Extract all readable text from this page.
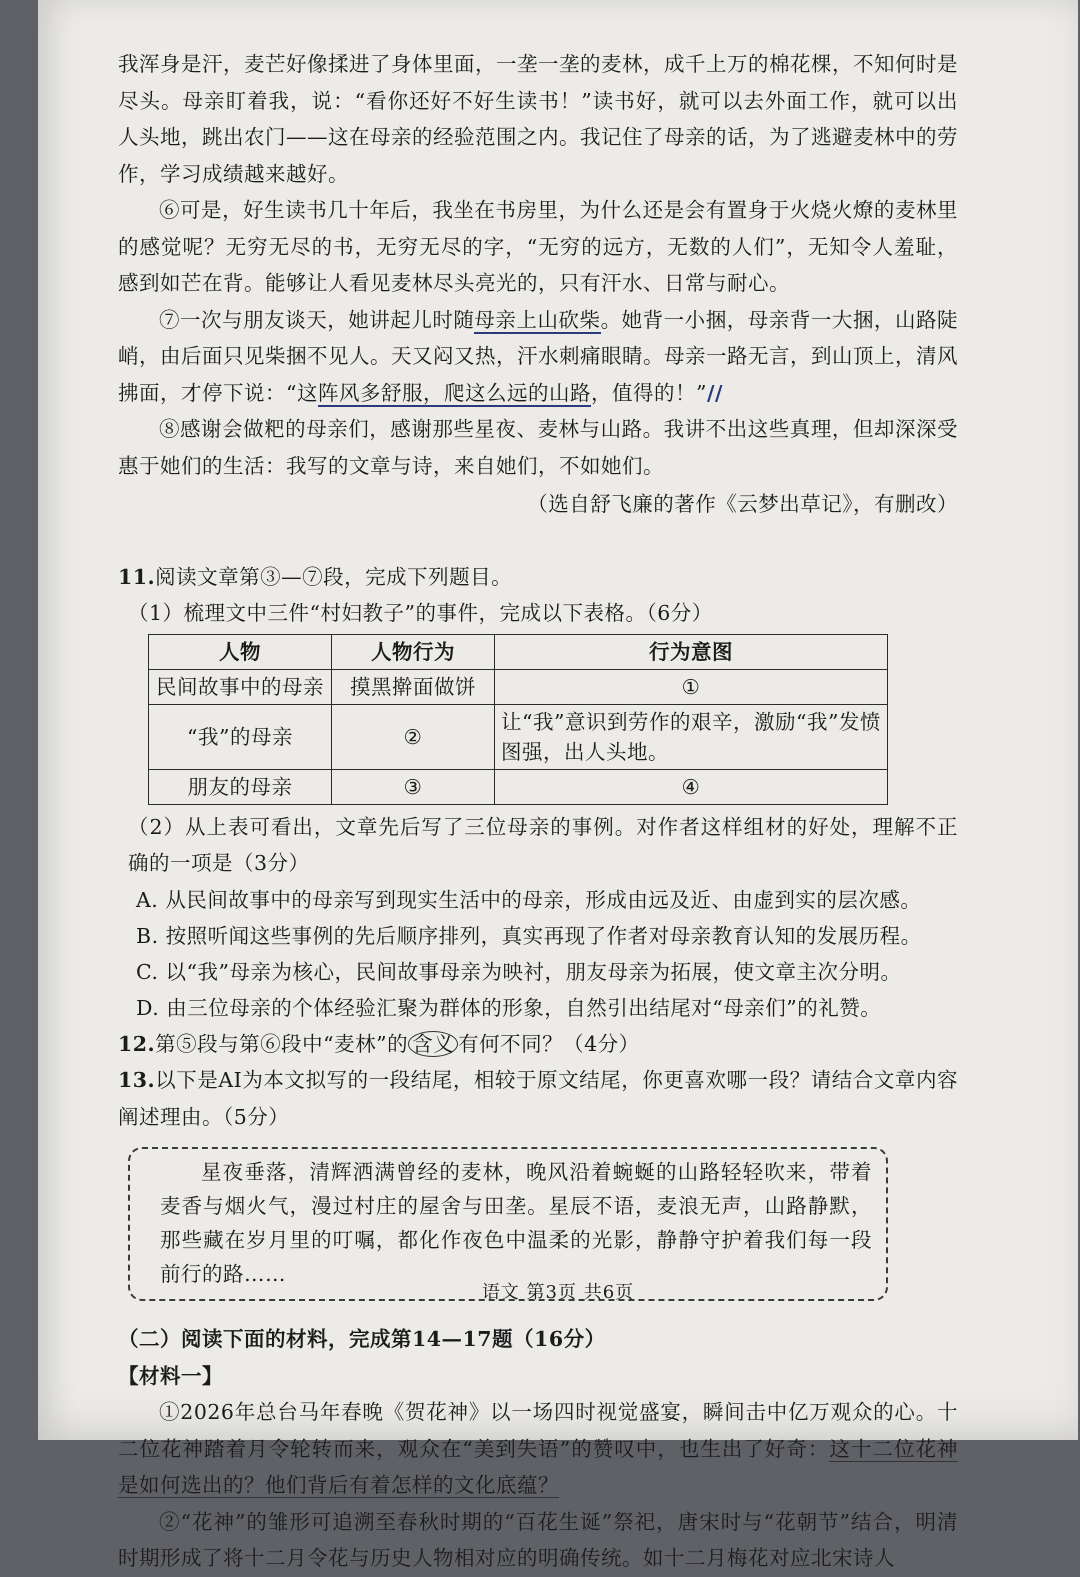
我浑身是汗，麦芒好像揉进了身体里面，一垄一垄的麦林，成千上万的棉花棵，不知何时是尽头。母亲盯着我，说：“看你还好不好生读书！”读书好，就可以去外面工作，就可以出人头地，跳出农门——这在母亲的经验范围之内。我记住了母亲的话，为了逃避麦林中的劳作，学习成绩越来越好。

⑥可是，好生读书几十年后，我坐在书房里，为什么还是会有置身于火烧火燎的麦林里的感觉呢？无穷无尽的书，无穷无尽的字，“无穷的远方，无数的人们”，无知令人羞耻，感到如芒在背。能够让人看见麦林尽头亮光的，只有汗水、日常与耐心。

⑦一次与朋友谈天，她讲起儿时随母亲上山砍柴。她背一小捆，母亲背一大捆，山路陡峭，由后面只见柴捆不见人。天又闷又热，汗水刺痛眼睛。母亲一路无言，到山顶上，清风拂面，才停下说：“这阵风多舒服，爬这么远的山路，值得的！”//

⑧感谢会做粑的母亲们，感谢那些星夜、麦林与山路。我讲不出这些真理，但却深深受惠于她们的生活：我写的文章与诗，来自她们，不如她们。

（选自舒飞廉的著作《云梦出草记》，有删改）

11.阅读文章第③—⑦段，完成下列题目。

（1）梳理文中三件“村妇教子”的事件，完成以下表格。（6分）

人物	人物行为	行为意图
民间故事中的母亲	摸黑擀面做饼	①
“我”的母亲	②	让“我”意识到劳作的艰辛，激励“我”发愤图强，出人头地。
朋友的母亲	③	④

（2）从上表可看出，文章先后写了三位母亲的事例。对作者这样组材的好处，理解不正确的一项是（3分）

A. 从民间故事中的母亲写到现实生活中的母亲，形成由远及近、由虚到实的层次感。

B. 按照听闻这些事例的先后顺序排列，真实再现了作者对母亲教育认知的发展历程。

C. 以“我”母亲为核心，民间故事母亲为映衬，朋友母亲为拓展，使文章主次分明。

D. 由三位母亲的个体经验汇聚为群体的形象，自然引出结尾对“母亲们”的礼赞。

12.第⑤段与第⑥段中“麦林”的 含义 有何不同？（4分）

13.以下是AI为本文拟写的一段结尾，相较于原文结尾，你更喜欢哪一段？请结合文章内容阐述理由。（5分）

星夜垂落，清辉洒满曾经的麦林，晚风沿着蜿蜒的山路轻轻吹来，带着麦香与烟火气，漫过村庄的屋舍与田垄。星辰不语，麦浪无声，山路静默，那些藏在岁月里的叮嘱，都化作夜色中温柔的光影，静静守护着我们每一段前行的路……

（二）阅读下面的材料，完成第14—17题（16分）

【材料一】

①2026年总台马年春晚《贺花神》以一场四时视觉盛宴，瞬间击中亿万观众的心。十二位花神踏着月令轮转而来，观众在“美到失语”的赞叹中，也生出了好奇：这十二位花神是如何选出的？他们背后有着怎样的文化底蕴？

②“花神”的雏形可追溯至春秋时期的“百花生诞”祭祀，唐宋时与“花朝节”结合，明清时期形成了将十二月令花与历史人物相对应的明确传统。如十二月梅花对应北宋诗人

语文 第3页 共6页
